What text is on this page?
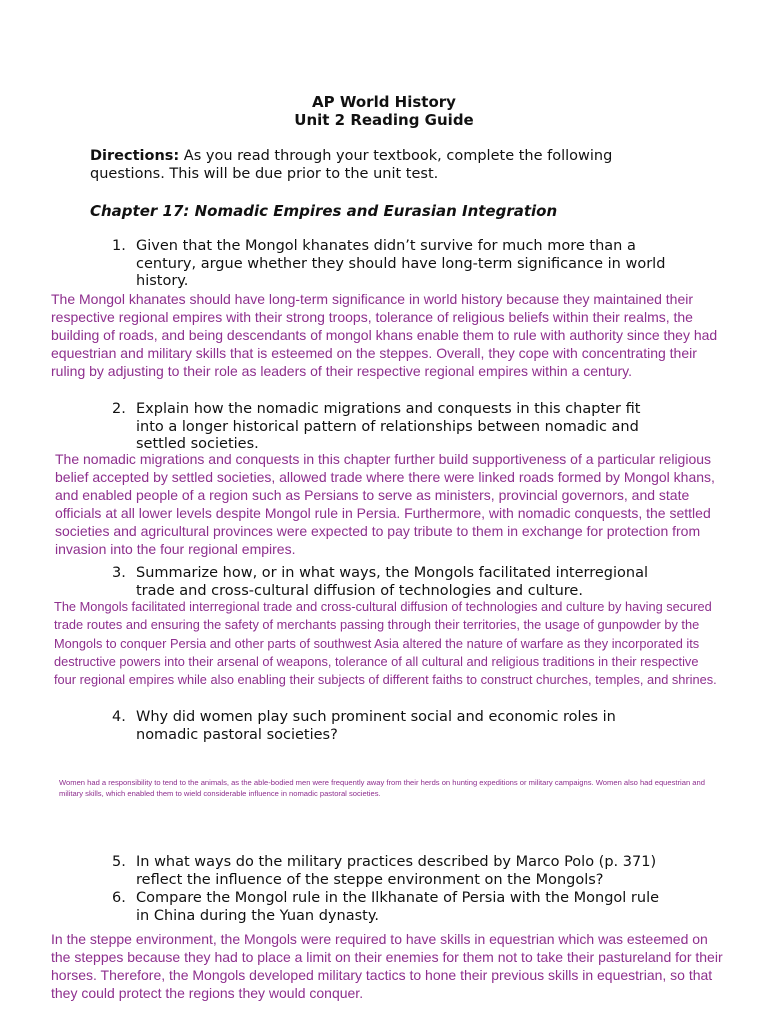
AP World History
Unit 2 Reading Guide

Directions: As you read through your textbook, complete the following questions. This will be due prior to the unit test.

Chapter 17: Nomadic Empires and Eurasian Integration
1. Given that the Mongol khanates didn’t survive for much more than a century, argue whether they should have long-term significance in world history.

The Mongol khanates should have long-term significance in world history because they maintained their respective regional empires with their strong troops, tolerance of religious beliefs within their realms, the building of roads, and being descendants of mongol khans enable them to rule with authority since they had equestrian and military skills that is esteemed on the steppes. Overall, they cope with concentrating their ruling by adjusting to their role as leaders of their respective regional empires within a century.

2. Explain how the nomadic migrations and conquests in this chapter fit into a longer historical pattern of relationships between nomadic and settled societies.

The nomadic migrations and conquests in this chapter further build supportiveness of a particular religious belief accepted by settled societies, allowed trade where there were linked roads formed by Mongol khans, and enabled people of a region such as Persians to serve as ministers, provincial governors, and state officials at all lower levels despite Mongol rule in Persia. Furthermore, with nomadic conquests, the settled societies and agricultural provinces were expected to pay tribute to them in exchange for protection from invasion into the four regional empires.

3. Summarize how, or in what ways, the Mongols facilitated interregional trade and cross-cultural diffusion of technologies and culture.

The Mongols facilitated interregional trade and cross-cultural diffusion of technologies and culture by having secured trade routes and ensuring the safety of merchants passing through their territories, the usage of gunpowder by the Mongols to conquer Persia and other parts of southwest Asia altered the nature of warfare as they incorporated its destructive powers into their arsenal of weapons, tolerance of all cultural and religious traditions in their respective four regional empires while also enabling their subjects of different faiths to construct churches, temples, and shrines.

4. Why did women play such prominent social and economic roles in nomadic pastoral societies?

Women had a responsibility to tend to the animals, as the able-bodied men were frequently away from their herds on hunting expeditions or military campaigns. Women also had equestrian and military skills, which enabled them to wield considerable influence in nomadic pastoral societies.

5. In what ways do the military practices described by Marco Polo (p. 371) reflect the influence of the steppe environment on the Mongols?
6. Compare the Mongol rule in the Ilkhanate of Persia with the Mongol rule in China during the Yuan dynasty.

In the steppe environment, the Mongols were required to have skills in equestrian which was esteemed on the steppes because they had to place a limit on their enemies for them not to take their pastureland for their horses. Therefore, the Mongols developed military tactics to hone their previous skills in equestrian, so that they could protect the regions they would conquer.
